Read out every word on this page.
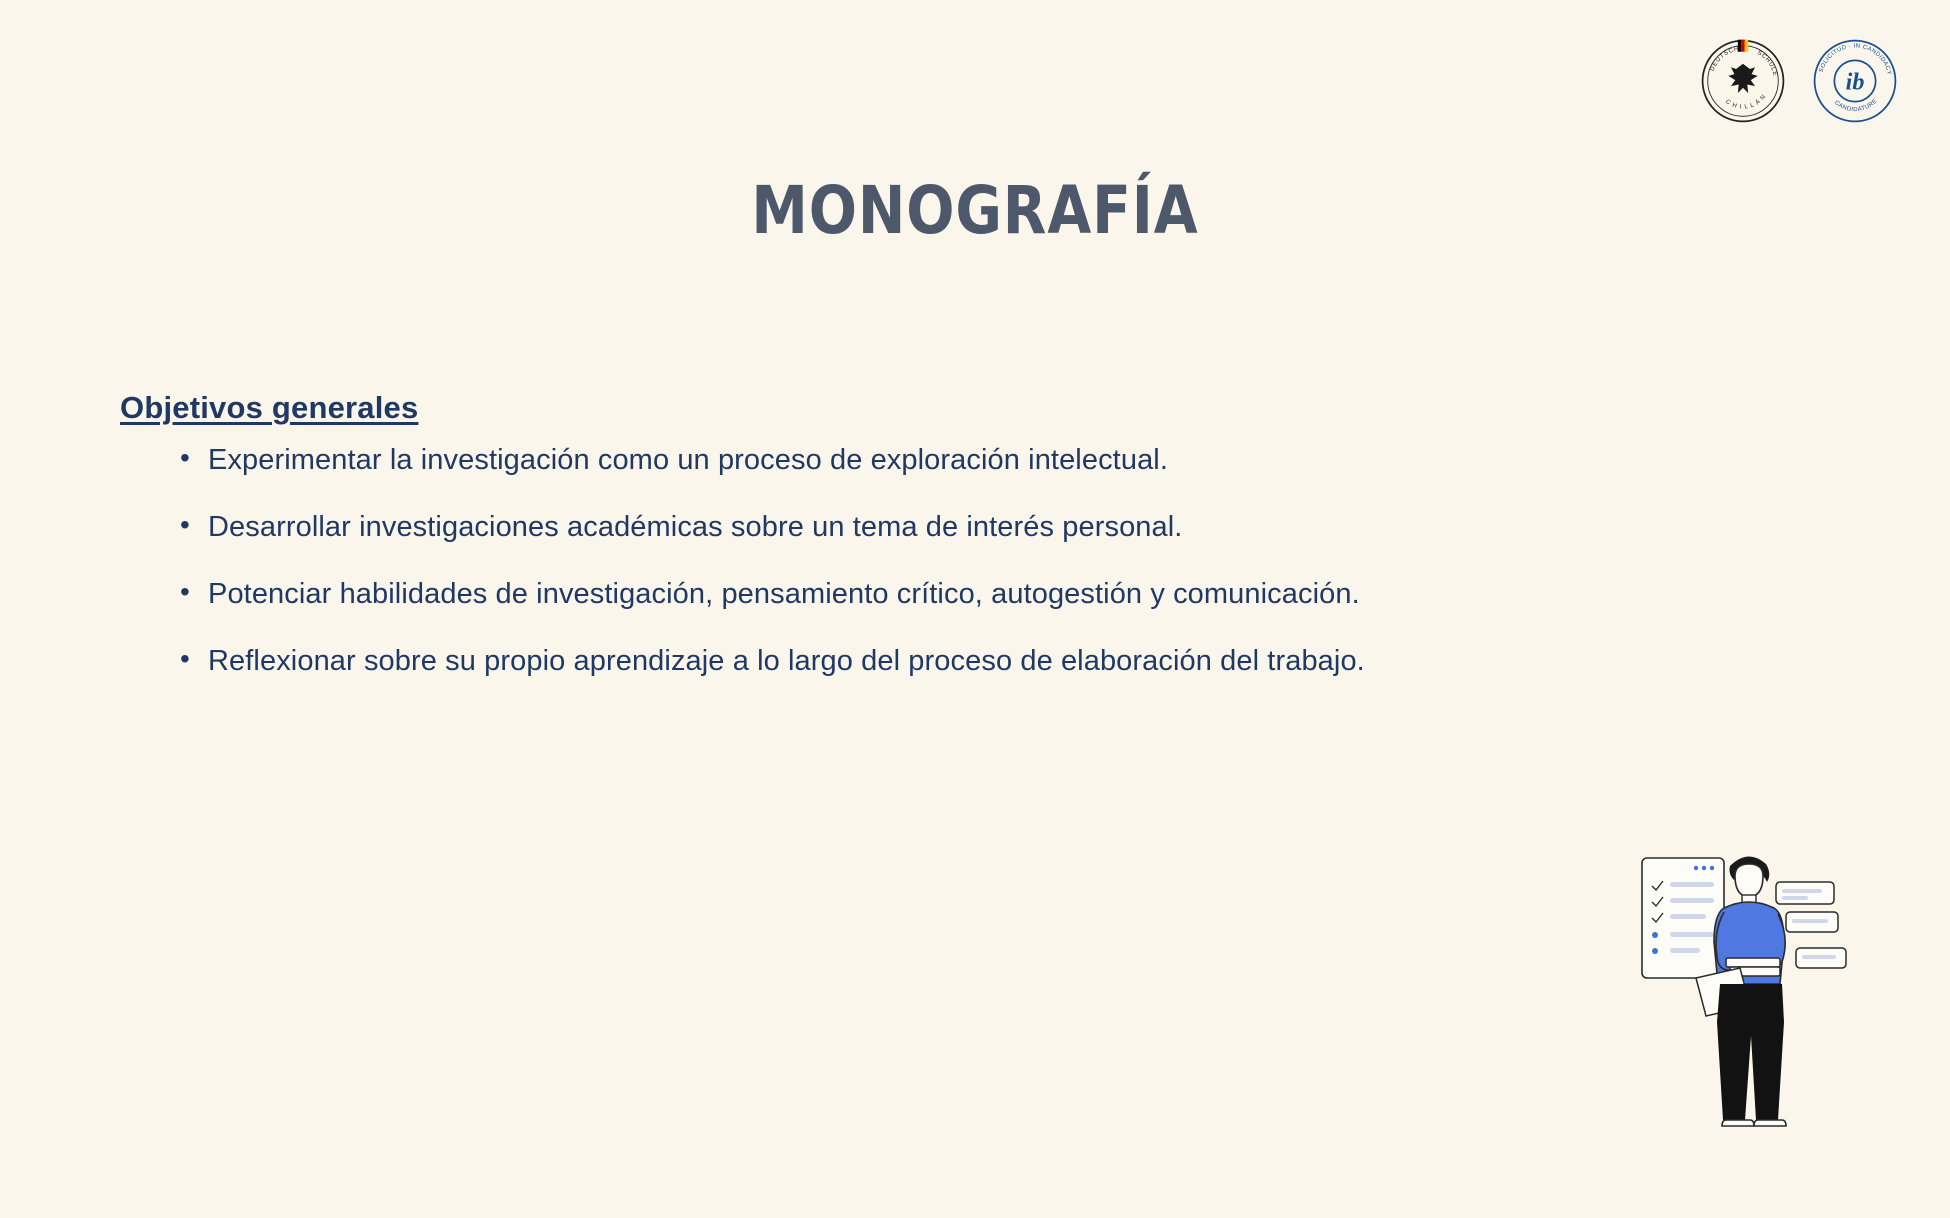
DEUTSCHE
SCHULE
C H I L L Á N
ib
SOLICITUD · IN CANDIDACY
CANDIDATURE
MONOGRAFÍA
Objetivos generales
• Experimentar la investigación como un proceso de exploración intelectual.
• Desarrollar investigaciones académicas sobre un tema de interés personal.
• Potenciar habilidades de investigación, pensamiento crítico, autogestión y comunicación.
• Reflexionar sobre su propio aprendizaje a lo largo del proceso de elaboración del trabajo.
